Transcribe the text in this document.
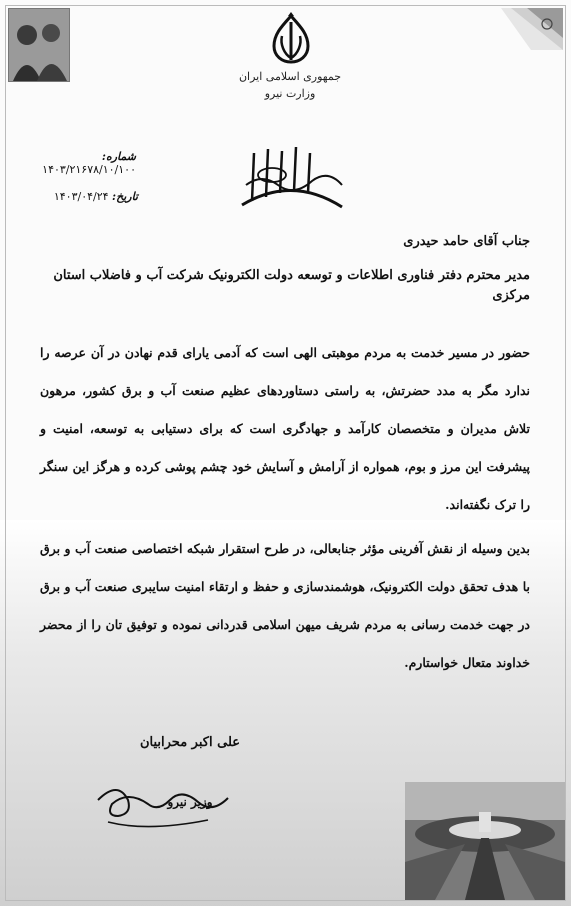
جمهوری اسلامی ایران
وزارت نیرو
شماره: ۱۴۰۳/۲۱۶۷۸/۱۰/۱۰۰
تاریخ: ۱۴۰۳/۰۴/۲۴

جناب آقای حامد حیدری

مدیر محترم دفتر فناوری اطلاعات و توسعه دولت الکترونیک شرکت آب و فاضلاب استان مرکزی

حضور در مسیر خدمت به مردم موهبتی الهی است که آدمی یارای قدم نهادن در آن عرصه را ندارد مگر به مدد حضرتش، به راستی دستاوردهای عظیم صنعت آب و برق کشور، مرهون تلاش مدیران و متخصصان کارآمد و جهادگری است که برای دستیابی به توسعه، امنیت و پیشرفت این مرز و بوم، همواره از آرامش و آسایش خود چشم پوشی کرده و هرگز این سنگر را ترک نگفته‌اند.

بدین وسیله از نقش آفرینی مؤثر جنابعالی، در طرح استقرار شبکه اختصاصی صنعت آب و برق با هدف تحقق دولت الکترونیک، هوشمندسازی و حفظ و ارتقاء امنیت سایبری صنعت آب و برق در جهت خدمت رسانی به مردم شریف میهن اسلامی قدردانی نموده و توفیق تان را از محضر خداوند متعال خواستارم.

علی اکبر محرابیان
وزیر نیرو
